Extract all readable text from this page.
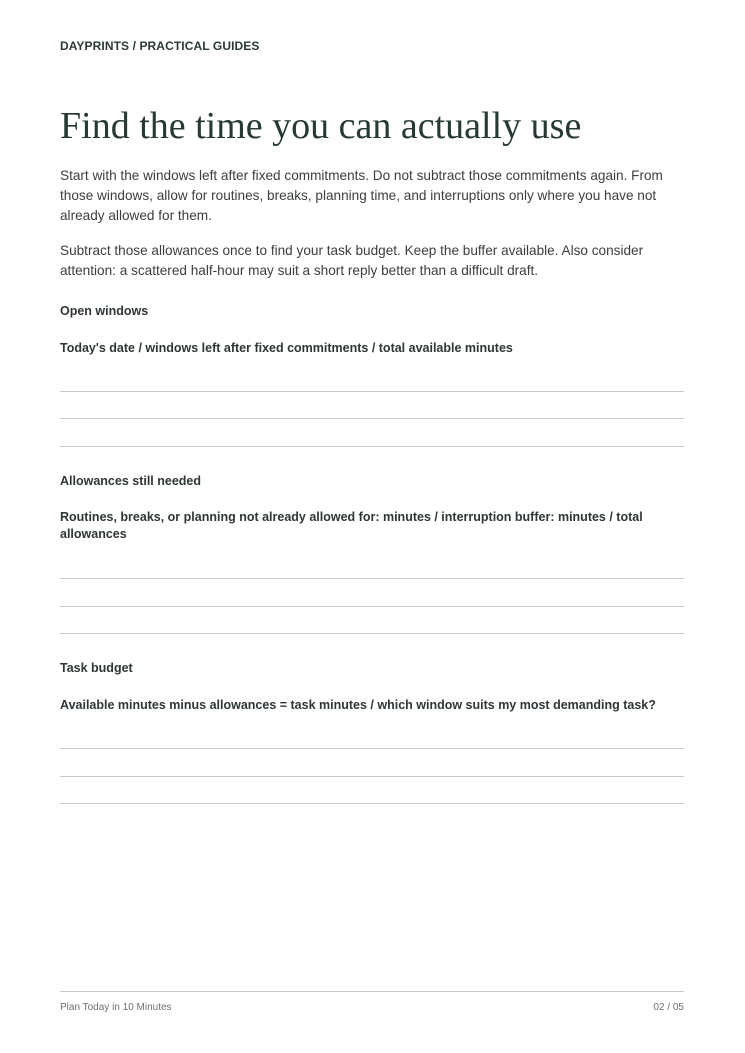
DAYPRINTS / PRACTICAL GUIDES
Find the time you can actually use

Start with the windows left after fixed commitments. Do not subtract those commitments again. From those windows, allow for routines, breaks, planning time, and interruptions only where you have not already allowed for them.

Subtract those allowances once to find your task budget. Keep the buffer available. Also consider attention: a scattered half-hour may suit a short reply better than a difficult draft.

Open windows
Today's date / windows left after fixed commitments / total available minutes
Allowances still needed
Routines, breaks, or planning not already allowed for: minutes / interruption buffer: minutes / total allowances
Task budget
Available minutes minus allowances = task minutes / which window suits my most demanding task?
Plan Today in 10 Minutes	02 / 05
